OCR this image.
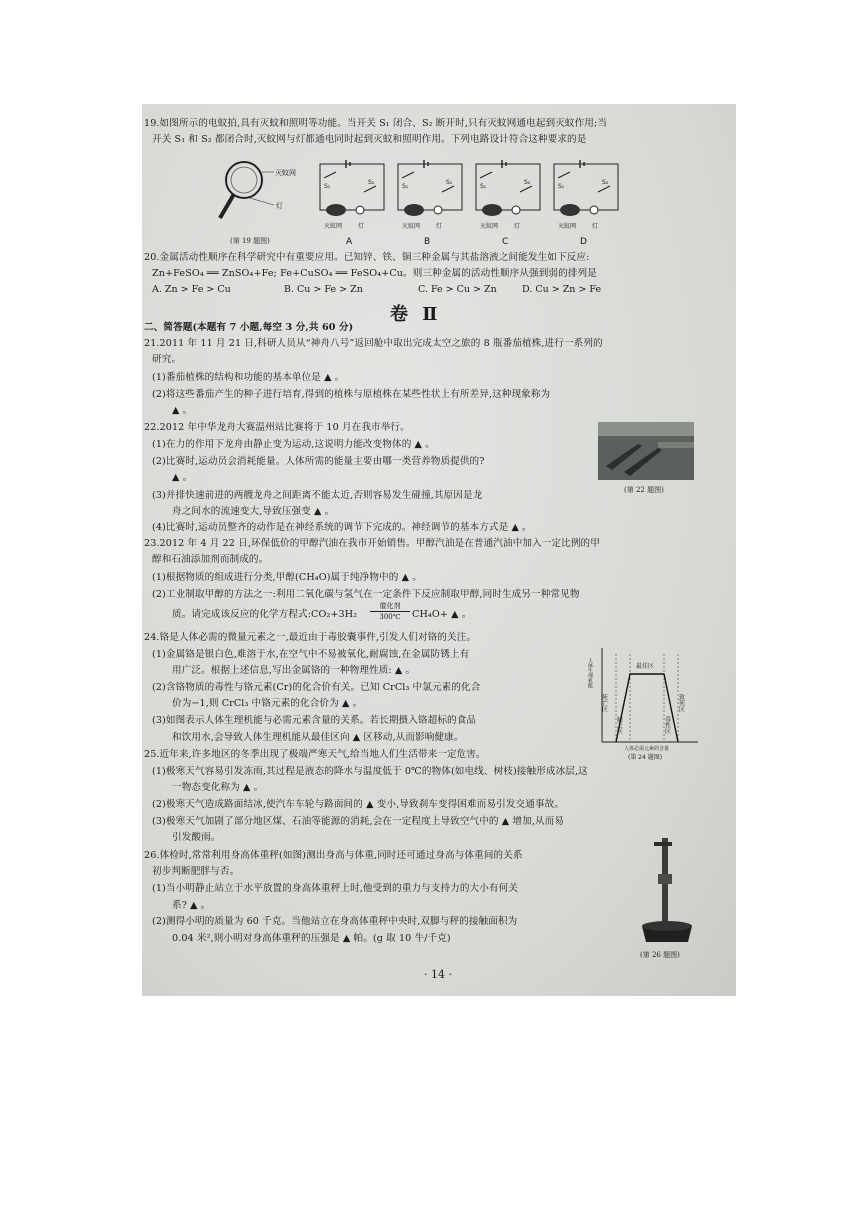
19.如图所示的电蚊拍,具有灭蚊和照明等功能。当开关 S₁ 闭合、S₂ 断开时,只有灭蚊网通电起到灭蚊作用;当
开关 S₁ 和 S₂ 都闭合时,灭蚊网与灯都通电同时起到灭蚊和照明作用。下列电路设计符合这种要求的是
灭蚊网
灯
(第 19 题图)
S₁
S₂
灭蚊网	灯
A
S₁
S₂
灭蚊网	灯
B
S₁
S₂
灭蚊网	灯
C
S₁
S₂
灭蚊网	灯
D
20.金属活动性顺序在科学研究中有重要应用。已知锌、铁、铜三种金属与其盐溶液之间能发生如下反应:
Zn+FeSO₄ ══ ZnSO₄+Fe; Fe+CuSO₄ ══ FeSO₄+Cu。则三种金属的活动性顺序从强到弱的排列是
A. Zn > Fe > Cu	B. Cu > Fe > Zn	C. Fe > Cu > Zn	D. Cu > Zn > Fe
卷 Ⅱ
二、简答题(本题有 7 小题,每空 3 分,共 60 分)
21.2011 年 11 月 21 日,科研人员从“神舟八号”返回舱中取出完成太空之旅的 8 瓶番茄植株,进行一系列的
研究。
(1)番茄植株的结构和功能的基本单位是 ▲ 。
(2)将这些番茄产生的种子进行培育,得到的植株与原植株在某些性状上有所差异,这种现象称为
▲ 。
22.2012 年中华龙舟大赛温州站比赛将于 10 月在我市举行。
(1)在力的作用下龙舟由静止变为运动,这说明力能改变物体的 ▲ 。
(2)比赛时,运动员会消耗能量。人体所需的能量主要由哪一类营养物质提供的?
▲ 。
(3)并排快速前进的两艘龙舟之间距离不能太近,否则容易发生碰撞,其原因是龙
舟之间水的流速变大,导致压强变 ▲ 。
(4)比赛时,运动员整齐的动作是在神经系统的调节下完成的。神经调节的基本方式是 ▲ 。
(第 22 题图)
23.2012 年 4 月 22 日,环保低价的甲醇汽油在我市开始销售。甲醇汽油是在普通汽油中加入一定比例的甲
醇和石油添加剂而制成的。
(1)根据物质的组成进行分类,甲醇(CH₄O)属于纯净物中的 ▲ 。
(2)工业制取甲醇的方法之一:利用二氧化碳与氢气在一定条件下反应制取甲醇,同时生成另一种常见物
质。请完成该反应的化学方程式:CO₂+3H₂
催化剂
300℃	CH₄O+ ▲ 。
24.铬是人体必需的微量元素之一,最近由于毒胶囊事件,引发人们对铬的关注。
(1)金属铬是银白色,难溶于水,在空气中不易被氧化,耐腐蚀,在金属防锈上有
用广泛。根据上述信息,写出金属铬的一种物理性质: ▲ 。
(2)含铬物质的毒性与铬元素(Cr)的化合价有关。已知 CrCl₃ 中氯元素的化合
价为−1,则 CrCl₃ 中铬元素的化合价为 ▲ 。
(3)如图表示人体生理机能与必需元素含量的关系。若长期摄入铬超标的食品
和饮用水,会导致人体生理机能从最佳区向 ▲ 区移动,从而影响健康。
人体生理机能
死亡区
缺乏区
最佳区
毒性区
致死区
人体必需元素的含量
(第 24 题图)
25.近年来,许多地区的冬季出现了极端严寒天气,给当地人们生活带来一定危害。
(1)极寒天气容易引发冻雨,其过程是液态的降水与温度低于 0℃的物体(如电线、树枝)接触形成冰层,这
一物态变化称为 ▲ 。
(2)极寒天气造成路面结冰,使汽车车轮与路面间的 ▲ 变小,导致刹车变得困难而易引发交通事故。
(3)极寒天气加剧了部分地区煤、石油等能源的消耗,会在一定程度上导致空气中的 ▲ 增加,从而易
引发酸雨。
26.体检时,常常利用身高体重秤(如图)测出身高与体重,同时还可通过身高与体重间的关系
初步判断肥胖与否。
(1)当小明静止站立于水平放置的身高体重秤上时,他受到的重力与支持力的大小有何关
系? ▲ 。
(2)测得小明的质量为 60 千克。当他站立在身高体重秤中央时,双脚与秤的接触面积为
0.04 米²,则小明对身高体重秤的压强是 ▲ 帕。(g 取 10 牛/千克)
(第 26 题图)
· 14 ·
